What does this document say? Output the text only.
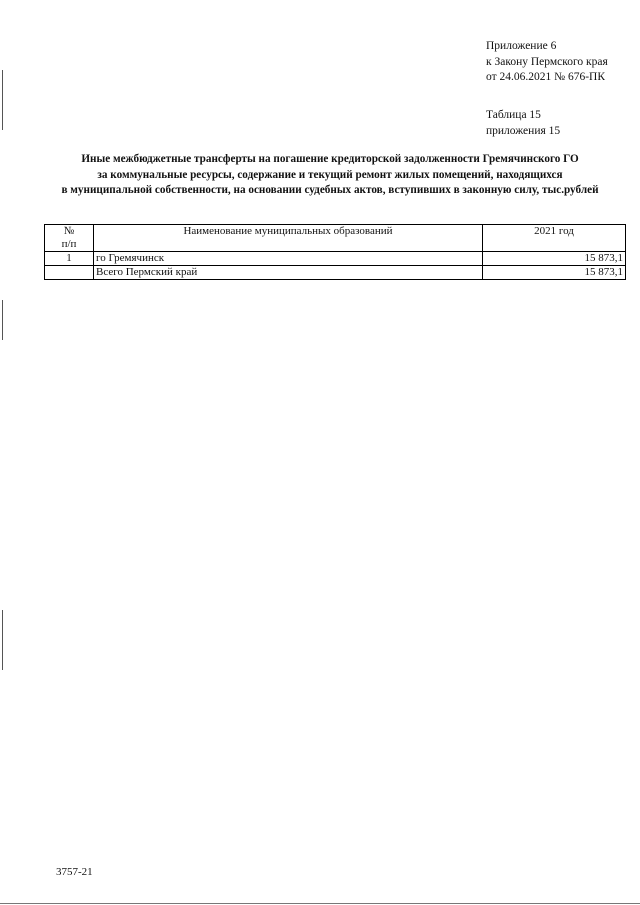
Приложение 6
к Закону Пермского края
от 24.06.2021 № 676-ПК
Таблица 15
приложения 15
Иные межбюджетные трансферты на погашение кредиторской задолженности Гремячинского ГО
за коммунальные ресурсы, содержание и текущий ремонт жилых помещений, находящихся
в муниципальной собственности, на основании судебных актов, вступивших в законную силу, тыс.рублей
№
п/п	Наименование муниципальных образований	2021 год
1	го Гремячинск	15 873,1
	Всего Пермский край	15 873,1
3757-21
